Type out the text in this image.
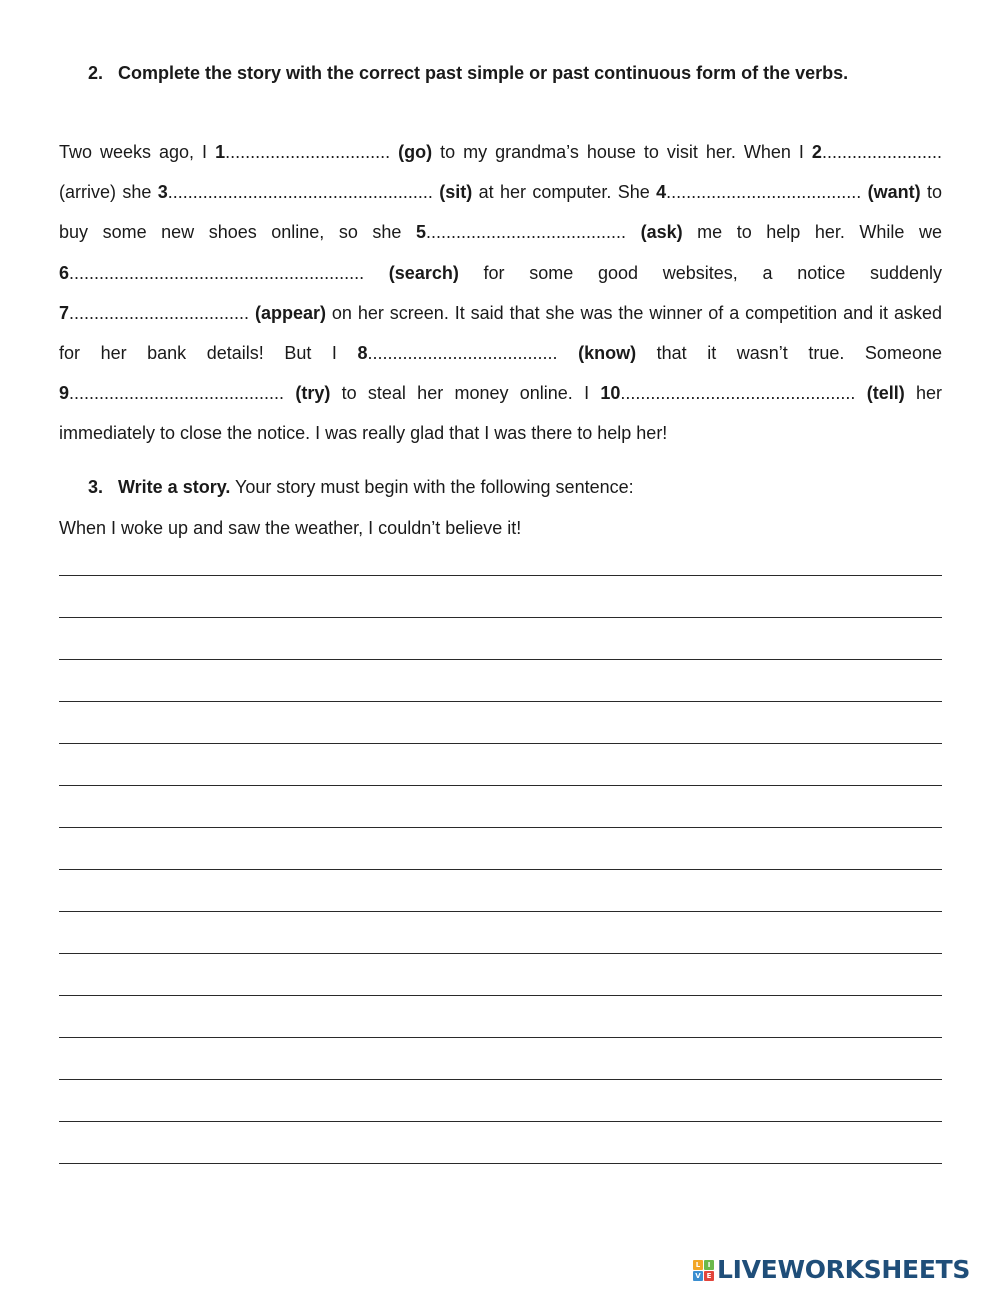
2. Complete the story with the correct past simple or past continuous form of the verbs.

Two weeks ago, I 1................................. (go) to my grandma’s house to visit her. When I 2........................ (arrive) she 3..................................................... (sit) at her computer. She 4....................................... (want) to buy some new shoes online, so she 5........................................ (ask) me to help her. While we 6........................................................... (search) for some good websites, a notice suddenly 7.................................... (appear) on her screen. It said that she was the winner of a competition and it asked for her bank details! But I 8...................................... (know) that it wasn’t true. Someone 9........................................... (try) to steal her money online. I 10............................................... (tell) her immediately to close the notice. I was really glad that I was there to help her!

3. Write a story. Your story must begin with the following sentence:
When I woke up and saw the weather, I couldn’t believe it!
L	I
V E LIVEWORKSHEETS
